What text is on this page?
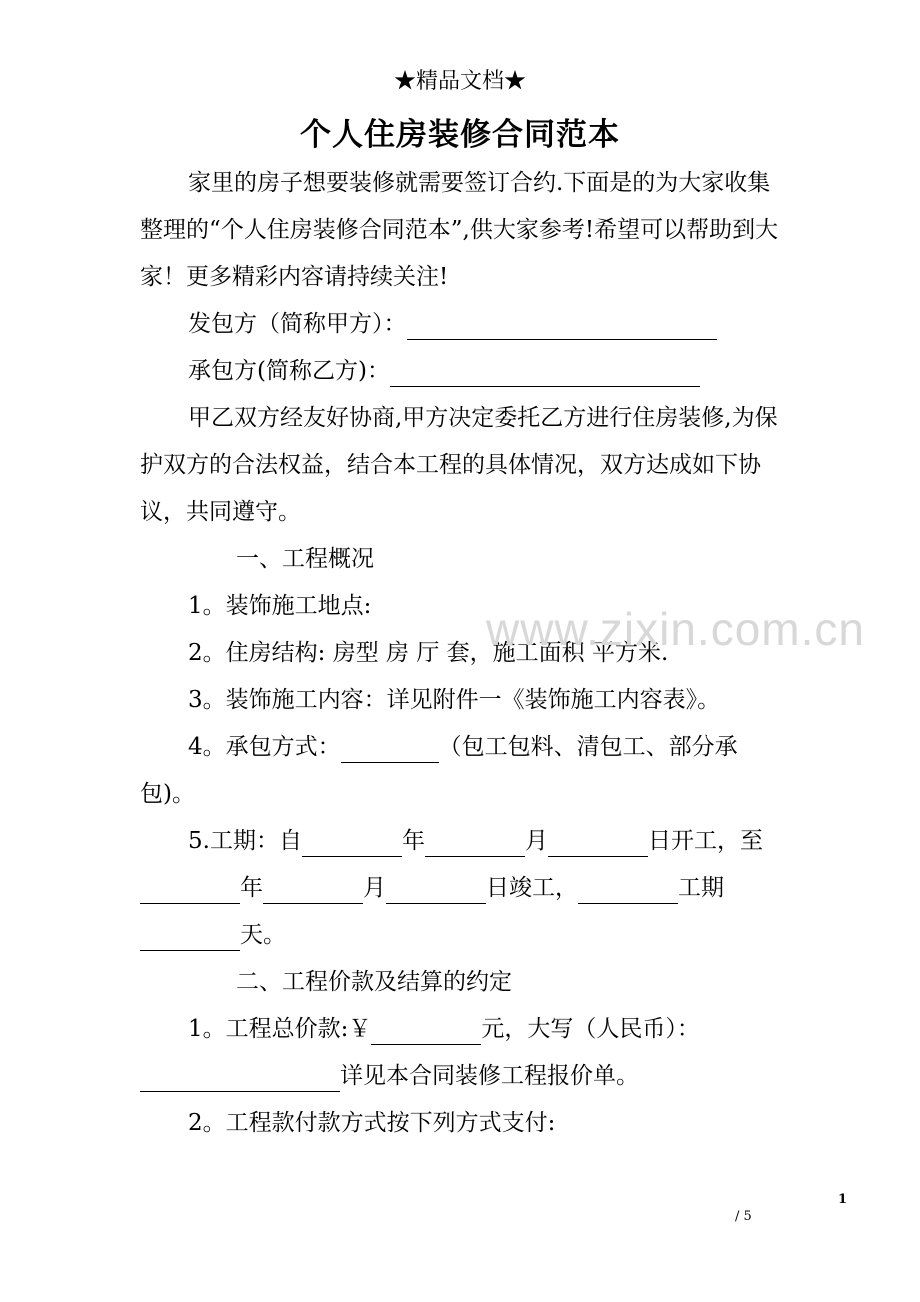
★精品文档★
个人住房装修合同范本

家里的房子想要装修就需要签订合约.下面是的为大家收集整理的“个人住房装修合同范本”,供大家参考!希望可以帮助到大家！更多精彩内容请持续关注!

发包方（简称甲方）：

承包方(简称乙方)：

甲乙双方经友好协商,甲方决定委托乙方进行住房装修,为保护双方的合法权益，结合本工程的具体情况，双方达成如下协议，共同遵守。

一、工程概况

1。装饰施工地点:

2。住房结构: 房型 房 厅 套，施工面积 平方米.

3。装饰施工内容：详见附件一《装饰施工内容表》。

4。承包方式：	（包工包料、清包工、部分承包)。

5.工期：自	年	月	日开工，至年	月	日竣工，	工期天。

二、工程价款及结算的约定

1。工程总价款:￥	元，大写（人民币）：详见本合同装修工程报价单。

2。工程款付款方式按下列方式支付:

www.zixin.com.cn
1
/ 5
